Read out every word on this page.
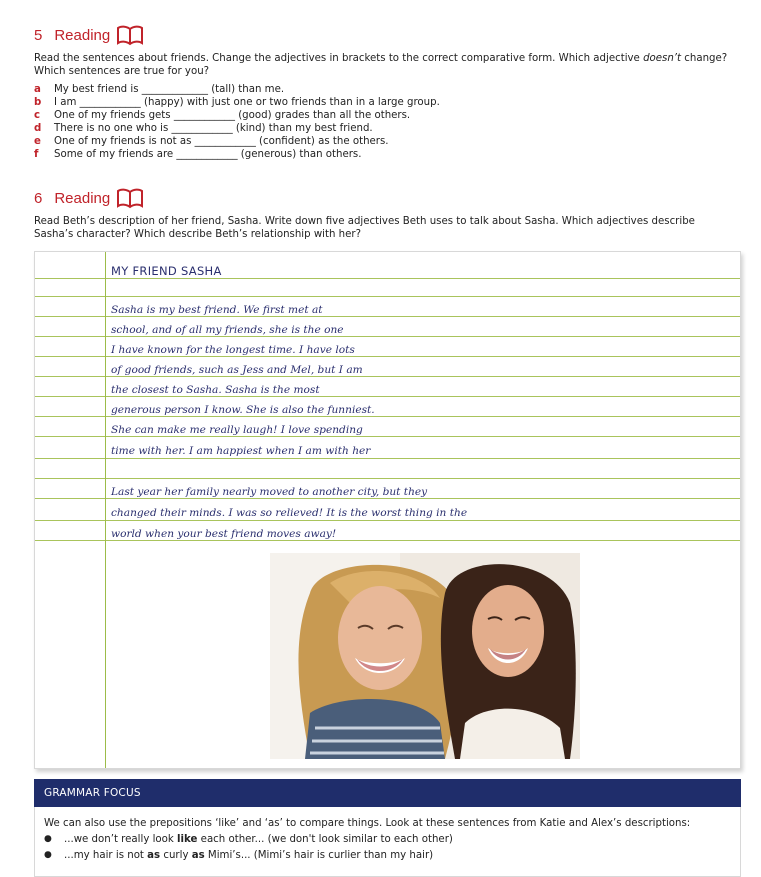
5 Reading
Read the sentences about friends. Change the adjectives in brackets to the correct comparative form. Which adjective doesn’t change? Which sentences are true for you?
a	My best friend is _____________ (tall) than me.
b	I am ____________ (happy) with just one or two friends than in a large group.
c	One of my friends gets ____________ (good) grades than all the others.
d	There is no one who is ____________ (kind) than my best friend.
e	One of my friends is not as ____________ (confident) as the others.
f	Some of my friends are ____________ (generous) than others.
6 Reading
Read Beth’s description of her friend, Sasha. Write down five adjectives Beth uses to talk about Sasha. Which adjectives describe Sasha’s character? Which describe Beth’s relationship with her?
MY FRIEND SASHA
Sasha is my best friend. We first met at
school, and of all my friends, she is the one
I have known for the longest time. I have lots
of good friends, such as Jess and Mel, but I am
the closest to Sasha. Sasha is the most
generous person I know. She is also the funniest.
She can make me really laugh! I love spending
time with her. I am happiest when I am with her
Last year her family nearly moved to another city, but they
changed their minds. I was so relieved! It is the worst thing in the
world when your best friend moves away!
GRAMMAR FOCUS
We can also use the prepositions ‘like’ and ‘as’ to compare things. Look at these sentences from Katie and Alex’s descriptions:
●	...we don’t really look like each other... (we don't look similar to each other)
●	...my hair is not as curly as Mimi’s... (Mimi’s hair is curlier than my hair)
